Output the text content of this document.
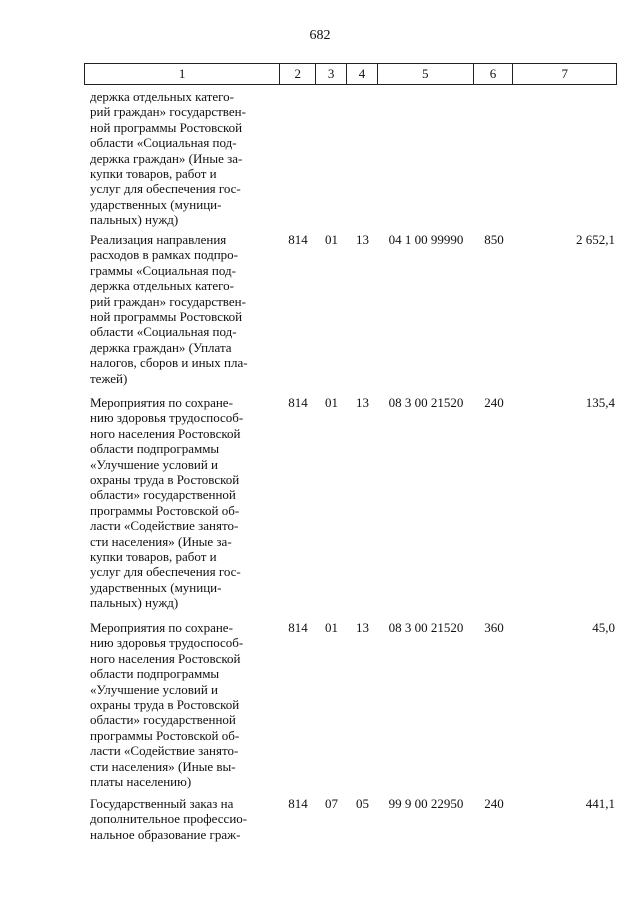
682
1	2	3	4	5	6	7
держка отдельных катего-
рий граждан» государствен-
ной программы Ростовской
области «Социальная под-
держка граждан» (Иные за-
купки товаров, работ и
услуг для обеспечения гос-
ударственных (муници-
пальных) нужд)
Реализация направления
расходов в рамках подпро-
граммы «Социальная под-
держка отдельных катего-
рий граждан» государствен-
ной программы Ростовской
области «Социальная под-
держка граждан» (Уплата
налогов, сборов и иных пла-
тежей)
814	01	13	04 1 00 99990	850	2 652,1
Мероприятия по сохране-
нию здоровья трудоспособ-
ного населения Ростовской
области подпрограммы
«Улучшение условий и
охраны труда в Ростовской
области» государственной
программы Ростовской об-
ласти «Содействие занято-
сти населения» (Иные за-
купки товаров, работ и
услуг для обеспечения гос-
ударственных (муници-
пальных) нужд)
814	01	13	08 3 00 21520	240	135,4
Мероприятия по сохране-
нию здоровья трудоспособ-
ного населения Ростовской
области подпрограммы
«Улучшение условий и
охраны труда в Ростовской
области» государственной
программы Ростовской об-
ласти «Содействие занято-
сти населения» (Иные вы-
платы населению)
814	01	13	08 3 00 21520	360	45,0
Государственный заказ на
дополнительное профессио-
нальное образование граж-
814	07	05	99 9 00 22950	240	441,1
